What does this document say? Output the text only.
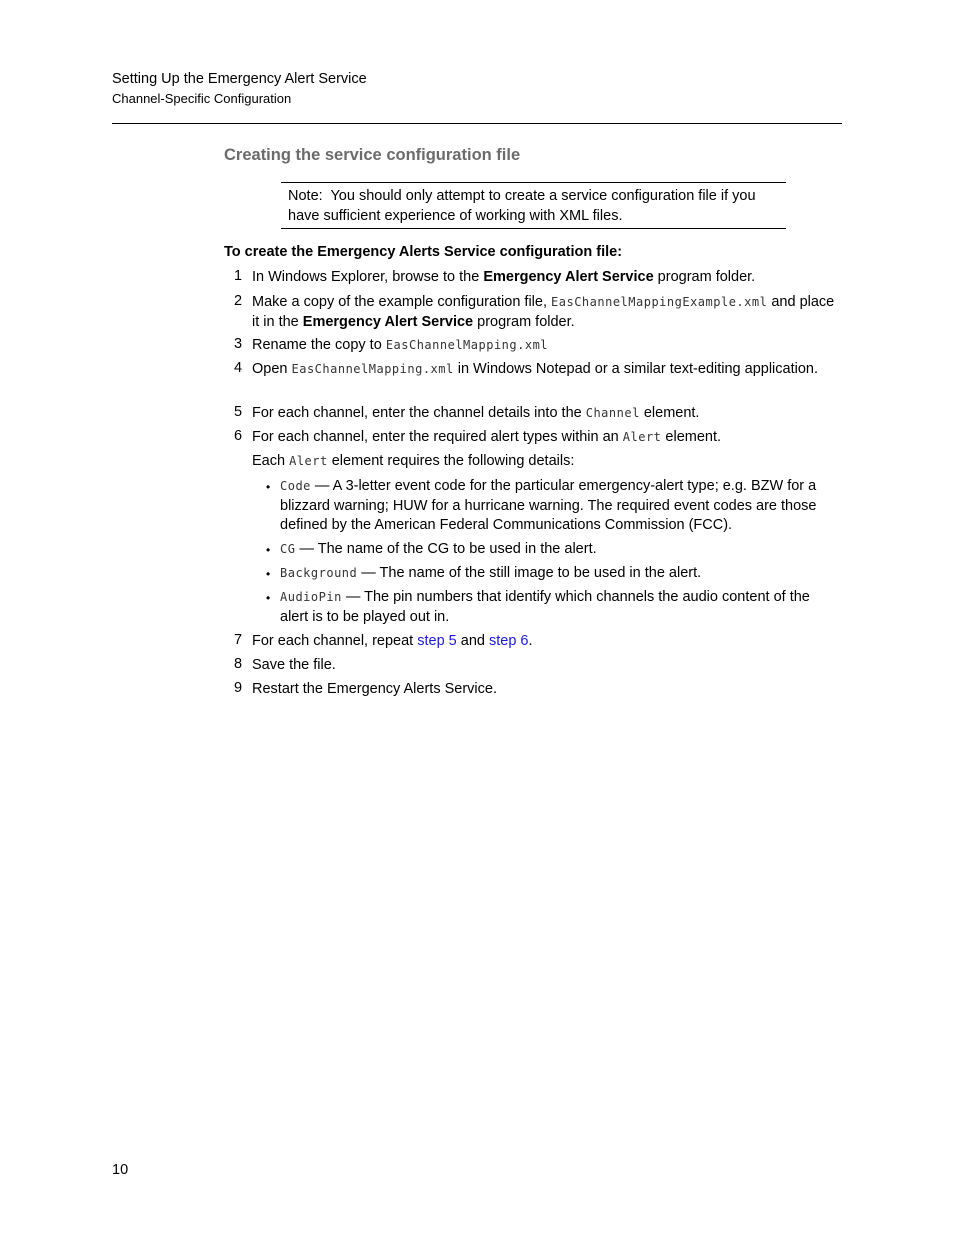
Setting Up the Emergency Alert Service
Channel-Specific Configuration
Creating the service configuration file
Note: You should only attempt to create a service configuration file if you have sufficient experience of working with XML files.
To create the Emergency Alerts Service configuration file:
1 In Windows Explorer, browse to the Emergency Alert Service program folder.
2 Make a copy of the example configuration file, EasChannelMappingExample.xml and place it in the Emergency Alert Service program folder.
3 Rename the copy to EasChannelMapping.xml
4 Open EasChannelMapping.xml in Windows Notepad or a similar text-editing application.
5 For each channel, enter the channel details into the Channel element.
6 For each channel, enter the required alert types within an Alert element.
Each Alert element requires the following details:
• Code — A 3-letter event code for the particular emergency-alert type; e.g. BZW for a blizzard warning; HUW for a hurricane warning. The required event codes are those defined by the American Federal Communications Commission (FCC).
• CG — The name of the CG to be used in the alert.
• Background — The name of the still image to be used in the alert.
• AudioPin — The pin numbers that identify which channels the audio content of the alert is to be played out in.
7 For each channel, repeat step 5 and step 6.
8 Save the file.
9 Restart the Emergency Alerts Service.
10
